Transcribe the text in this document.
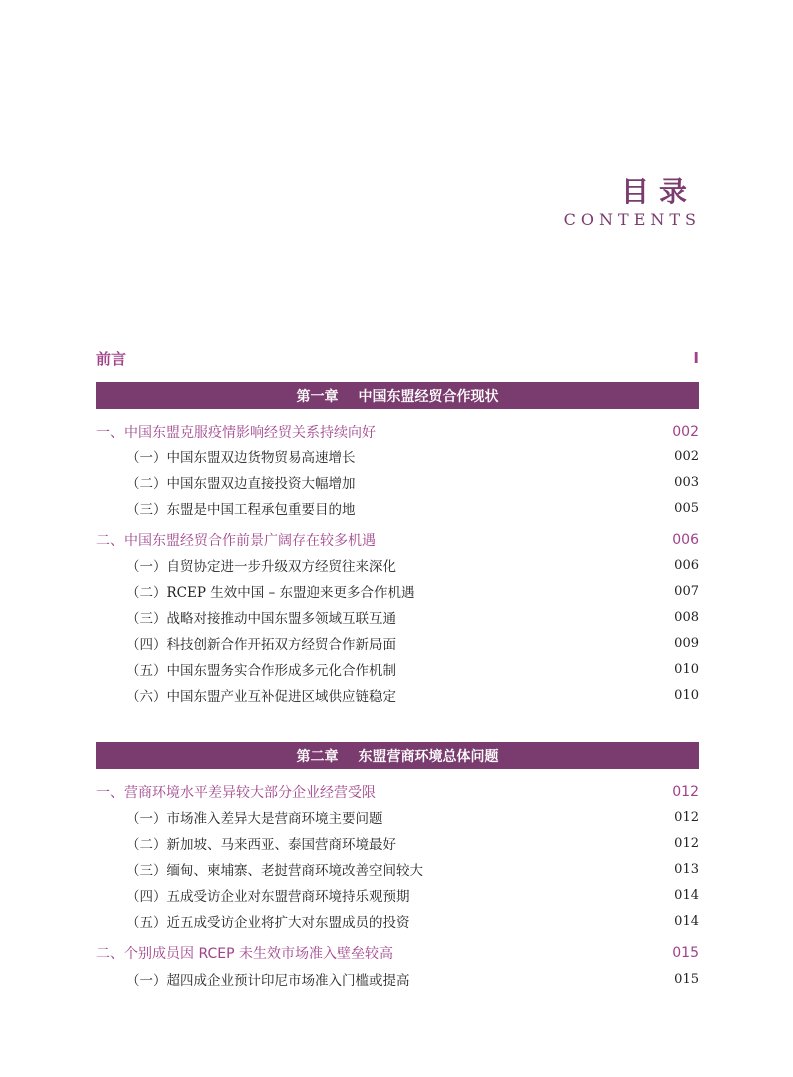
目录
CONTENTS
前言	I
第一章 中国东盟经贸合作现状
一、中国东盟克服疫情影响经贸关系持续向好	002
（一）中国东盟双边货物贸易高速增长	002
（二）中国东盟双边直接投资大幅增加	003
（三）东盟是中国工程承包重要目的地	005
二、中国东盟经贸合作前景广阔存在较多机遇	006
（一）自贸协定进一步升级双方经贸往来深化	006
（二）RCEP 生效中国 – 东盟迎来更多合作机遇	007
（三）战略对接推动中国东盟多领域互联互通	008
（四）科技创新合作开拓双方经贸合作新局面	009
（五）中国东盟务实合作形成多元化合作机制	010
（六）中国东盟产业互补促进区域供应链稳定	010
第二章 东盟营商环境总体问题
一、营商环境水平差异较大部分企业经营受限	012
（一）市场准入差异大是营商环境主要问题	012
（二）新加坡、马来西亚、泰国营商环境最好	012
（三）缅甸、柬埔寨、老挝营商环境改善空间较大	013
（四）五成受访企业对东盟营商环境持乐观预期	014
（五）近五成受访企业将扩大对东盟成员的投资	014
二、个别成员因 RCEP 未生效市场准入壁垒较高	015
（一）超四成企业预计印尼市场准入门槛或提高	015
